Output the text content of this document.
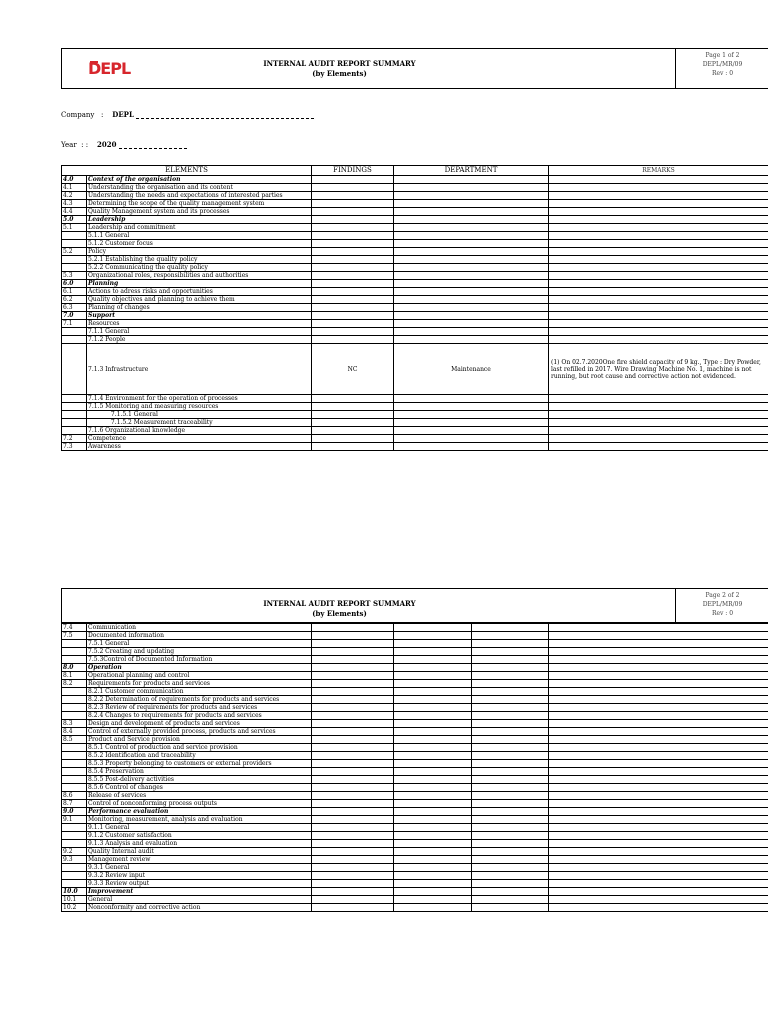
DEPL	INTERNAL AUDIT REPORT SUMMARY
(by Elements)
Page 1 of 2
DEPL/MR/09
Rev : 0
Company : DEPL
Year : : 2020
ELEMENTS		FINDINGS	DEPARTMENT	REMARKS
4.0	Context of the organisation			
4.1	Understanding the organisation and its content			
4.2	Understanding the needs and expectations of interested parties			
4.3	Determining the scope of the quality management system			
4.4	Quality Management system and its processes			
5.0	Leadership			
5.1	Leadership and commitment			
	5.1.1 General			
	5.1.2 Customer focus			
5.2	Policy			
	5.2.1 Establishing the quality policy			
	5.2.2 Communicating the quality policy			
5.3	Organizational roles, responsibilities and authorities			
6.0	Planning			
6.1	Actions to adress risks and opportunities			
6.2	Quality objectives and planning to achieve them			
6.3	Planning of changes			
7.0	Support			
7.1	Resources			
	7.1.1 General			
	7.1.2 People			
	7.1.3 Infrastructure	NC	Maintenance	(1) On 02.7.2020One fire shield capacity of 9 kg., Type : Dry Powder, last refilled in 2017. Wire Drawing Machine No. 1, machine is not running, but root cause and corrective action not evidenced.
	7.1.4 Environment for the operation of processes			
	7.1.5 Monitoring and measuring resources			
	7.1.5.1 General			
	7.1.5.2 Measurement traceability			
	7.1.6 Organizational knowledge			
7.2	Competence			
7.3	Awareness			
INTERNAL AUDIT REPORT SUMMARY
(by Elements)
Page 2 of 2
DEPL/MR/09
Rev : 0
7.4	Communication				
7.5	Documented information				
	7.5.1 General				
	7.5.2 Creating and updating				
	7.5.3Control of Documented Information				
8.0	Operation				
8.1	Operational planning and control				
8.2	Requirements for products and services				
	8.2.1 Customer communication				
	8.2.2 Determination of requirements for products and services				
	8.2.3 Review of requirements for products and services				
	8.2.4 Changes to requirements for products and services				
8.3	Design and development of products and services				
8.4	Control of externally provided process, products and services				
8.5	Product and Service provision				
	8.5.1 Control of production and service provision				
	8.5.2 Identification and traceability				
	8.5.3 Property belonging to customers or external providers				
	8.5.4 Preservation				
	8.5.5 Post-delivery activities				
	8.5.6 Control of changes				
8.6	Release of services				
8.7	Control of nonconforming process outputs				
9.0	Performance evaluation				
9.1	Monitoring, measurement, analysis and evaluation				
	9.1.1 General				
	9.1.2 Customer satisfaction				
	9.1.3 Analysis and evaluation				
9.2	Quality Internal audit				
9.3	Management review				
	9.3.1 General				
	9.3.2 Review input				
	9.3.3 Review output				
10.0	Improvement				
10.1	General				
10.2	Nonconformity and corrective action				
